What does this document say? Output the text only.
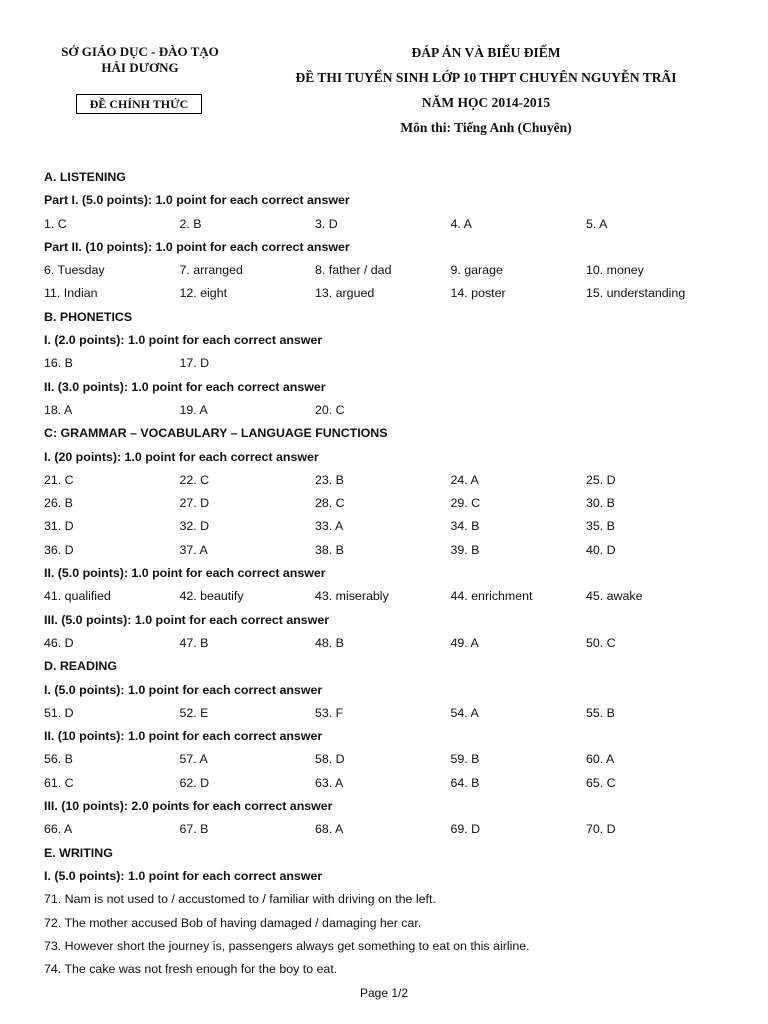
SỞ GIÁO DỤC - ĐÀO TẠO
HẢI DƯƠNG
ĐỀ CHÍNH THỨC
ĐÁP ÁN VÀ BIỂU ĐIỂM
ĐỀ THI TUYỂN SINH LỚP 10 THPT CHUYÊN NGUYỄN TRÃI
NĂM HỌC 2014-2015
Môn thi: Tiếng Anh (Chuyên)
A. LISTENING
Part I. (5.0 points): 1.0 point for each correct answer
1. C	2. B	3. D	4. A	5. A
Part II. (10 points): 1.0 point for each correct answer
6. Tuesday	7. arranged	8. father / dad	9. garage	10. money
11. Indian	12. eight	13. argued	14. poster	15. understanding
B. PHONETICS
I. (2.0 points): 1.0 point for each correct answer
16. B	17. D
II. (3.0 points): 1.0 point for each correct answer
18. A	19. A	20. C
C: GRAMMAR – VOCABULARY – LANGUAGE FUNCTIONS
I. (20 points): 1.0 point for each correct answer
21. C	22. C	23. B	24. A	25. D
26. B	27. D	28. C	29. C	30. B
31. D	32. D	33. A	34. B	35. B
36. D	37. A	38. B	39. B	40. D
II. (5.0 points): 1.0 point for each correct answer
41. qualified	42. beautify	43. miserably	44. enrichment	45. awake
III. (5.0 points): 1.0 point for each correct answer
46. D	47. B	48. B	49. A	50. C
D. READING
I. (5.0 points): 1.0 point for each correct answer
51. D	52. E	53. F	54. A	55. B
II. (10 points): 1.0 point for each correct answer
56. B	57. A	58. D	59. B	60. A
61. C	62. D	63. A	64. B	65. C
III. (10 points): 2.0 points for each correct answer
66. A	67. B	68. A	69. D	70. D
E. WRITING
I. (5.0 points): 1.0 point for each correct answer
71. Nam is not used to / accustomed to / familiar with driving on the left.
72. The mother accused Bob of having damaged / damaging her car.
73. However short the journey is, passengers always get something to eat on this airline.
74. The cake was not fresh enough for the boy to eat.
Page 1/2
